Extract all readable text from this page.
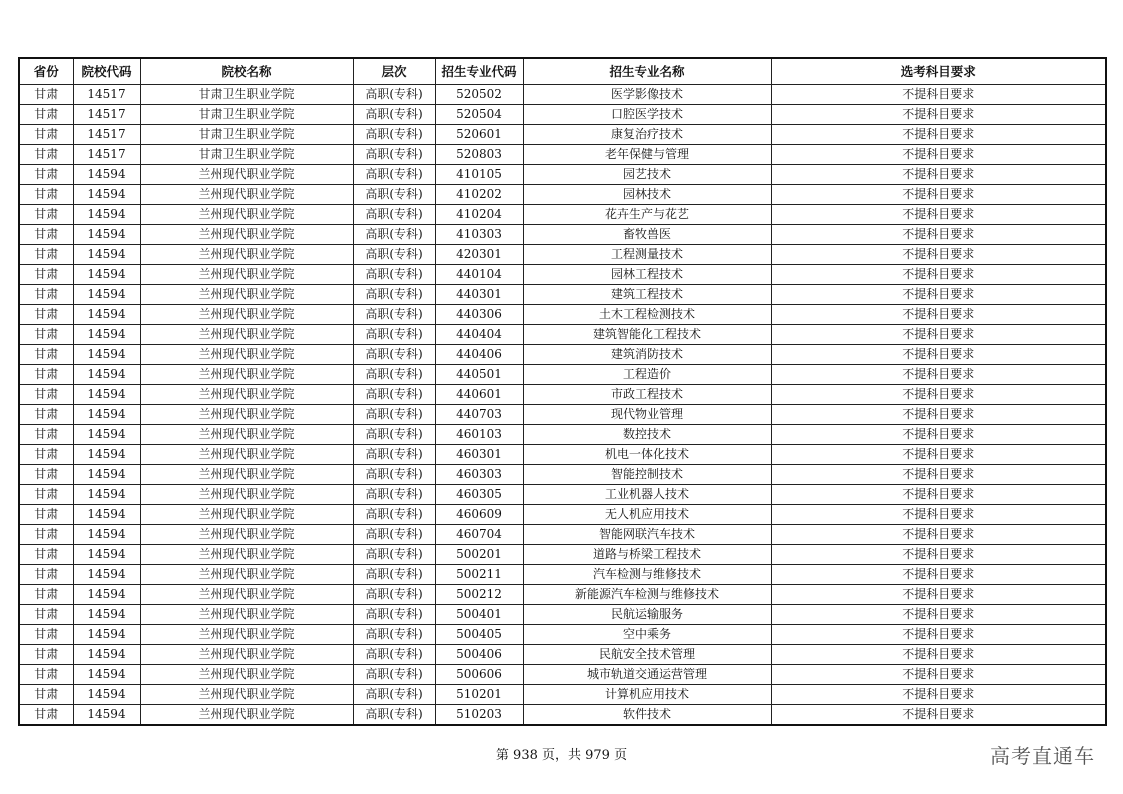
省份	院校代码	院校名称	层次	招生专业代码	招生专业名称	选考科目要求
甘肃	14517	甘肃卫生职业学院	高职(专科)	520502	医学影像技术	不提科目要求
甘肃	14517	甘肃卫生职业学院	高职(专科)	520504	口腔医学技术	不提科目要求
甘肃	14517	甘肃卫生职业学院	高职(专科)	520601	康复治疗技术	不提科目要求
甘肃	14517	甘肃卫生职业学院	高职(专科)	520803	老年保健与管理	不提科目要求
甘肃	14594	兰州现代职业学院	高职(专科)	410105	园艺技术	不提科目要求
甘肃	14594	兰州现代职业学院	高职(专科)	410202	园林技术	不提科目要求
甘肃	14594	兰州现代职业学院	高职(专科)	410204	花卉生产与花艺	不提科目要求
甘肃	14594	兰州现代职业学院	高职(专科)	410303	畜牧兽医	不提科目要求
甘肃	14594	兰州现代职业学院	高职(专科)	420301	工程测量技术	不提科目要求
甘肃	14594	兰州现代职业学院	高职(专科)	440104	园林工程技术	不提科目要求
甘肃	14594	兰州现代职业学院	高职(专科)	440301	建筑工程技术	不提科目要求
甘肃	14594	兰州现代职业学院	高职(专科)	440306	土木工程检测技术	不提科目要求
甘肃	14594	兰州现代职业学院	高职(专科)	440404	建筑智能化工程技术	不提科目要求
甘肃	14594	兰州现代职业学院	高职(专科)	440406	建筑消防技术	不提科目要求
甘肃	14594	兰州现代职业学院	高职(专科)	440501	工程造价	不提科目要求
甘肃	14594	兰州现代职业学院	高职(专科)	440601	市政工程技术	不提科目要求
甘肃	14594	兰州现代职业学院	高职(专科)	440703	现代物业管理	不提科目要求
甘肃	14594	兰州现代职业学院	高职(专科)	460103	数控技术	不提科目要求
甘肃	14594	兰州现代职业学院	高职(专科)	460301	机电一体化技术	不提科目要求
甘肃	14594	兰州现代职业学院	高职(专科)	460303	智能控制技术	不提科目要求
甘肃	14594	兰州现代职业学院	高职(专科)	460305	工业机器人技术	不提科目要求
甘肃	14594	兰州现代职业学院	高职(专科)	460609	无人机应用技术	不提科目要求
甘肃	14594	兰州现代职业学院	高职(专科)	460704	智能网联汽车技术	不提科目要求
甘肃	14594	兰州现代职业学院	高职(专科)	500201	道路与桥梁工程技术	不提科目要求
甘肃	14594	兰州现代职业学院	高职(专科)	500211	汽车检测与维修技术	不提科目要求
甘肃	14594	兰州现代职业学院	高职(专科)	500212	新能源汽车检测与维修技术	不提科目要求
甘肃	14594	兰州现代职业学院	高职(专科)	500401	民航运输服务	不提科目要求
甘肃	14594	兰州现代职业学院	高职(专科)	500405	空中乘务	不提科目要求
甘肃	14594	兰州现代职业学院	高职(专科)	500406	民航安全技术管理	不提科目要求
甘肃	14594	兰州现代职业学院	高职(专科)	500606	城市轨道交通运营管理	不提科目要求
甘肃	14594	兰州现代职业学院	高职(专科)	510201	计算机应用技术	不提科目要求
甘肃	14594	兰州现代职业学院	高职(专科)	510203	软件技术	不提科目要求
第 938 页，共 979 页	高考直通车
